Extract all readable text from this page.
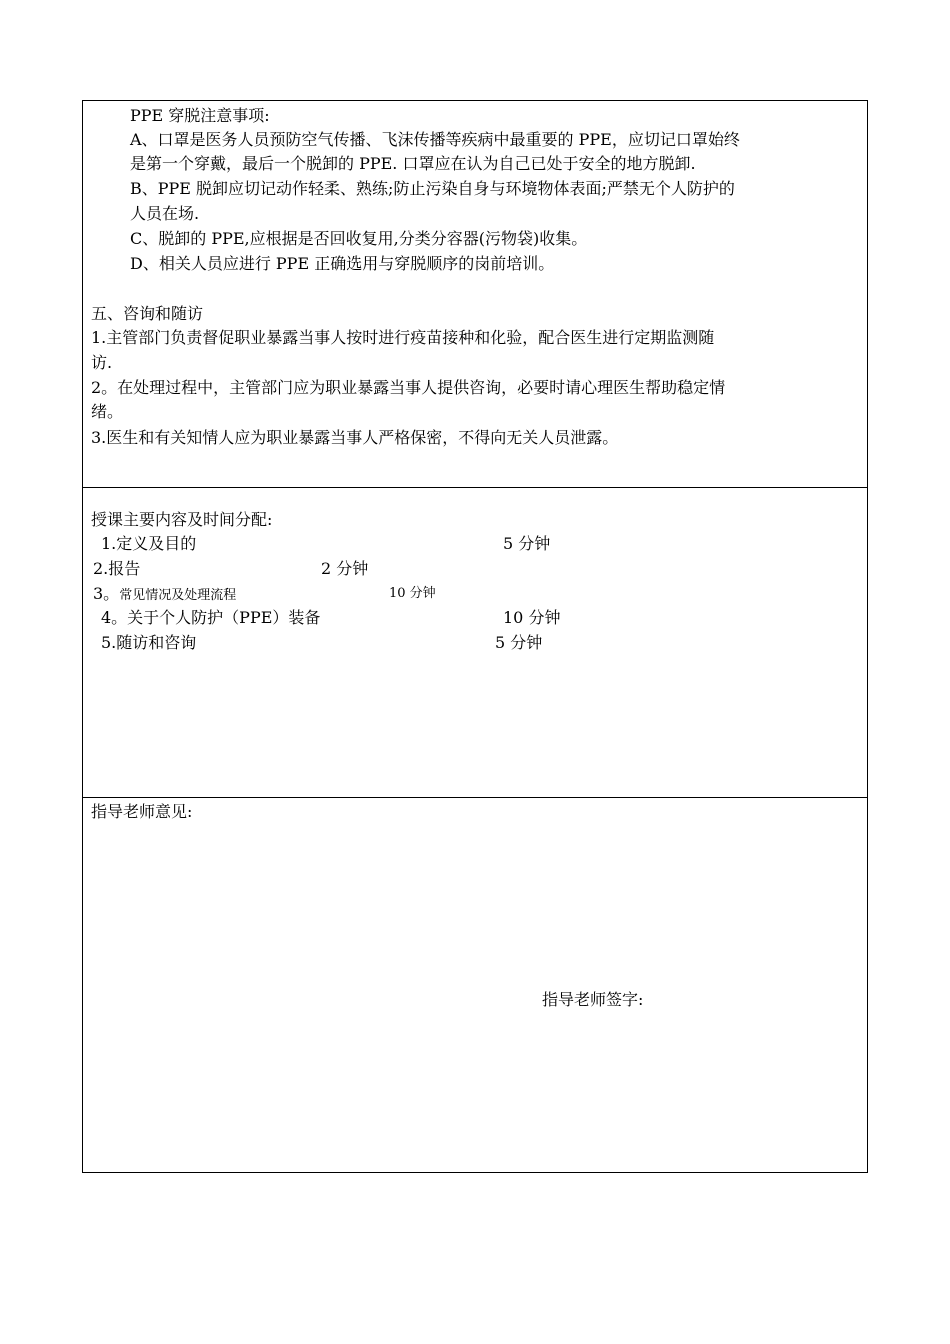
PPE 穿脱注意事项:
A、口罩是医务人员预防空气传播、飞沫传播等疾病中最重要的 PPE，应切记口罩始终
是第一个穿戴，最后一个脱卸的 PPE. 口罩应在认为自己已处于安全的地方脱卸.
B、PPE 脱卸应切记动作轻柔、熟练;防止污染自身与环境物体表面;严禁无个人防护的
人员在场.
C、脱卸的 PPE,应根据是否回收复用,分类分容器(污物袋)收集。
D、相关人员应进行 PPE 正确选用与穿脱顺序的岗前培训。
五、咨询和随访
1.主管部门负责督促职业暴露当事人按时进行疫苗接种和化验，配合医生进行定期监测随
访.
2。在处理过程中，主管部门应为职业暴露当事人提供咨询，必要时请心理医生帮助稳定情
绪。
3.医生和有关知情人应为职业暴露当事人严格保密，不得向无关人员泄露。
授课主要内容及时间分配:
1.定义及目的	5 分钟
2.报告	2 分钟
3。常见情况及处理流程	10 分钟
4。关于个人防护（PPE）装备	10 分钟
5.随访和咨询	5 分钟
指导老师意见:
指导老师签字:
